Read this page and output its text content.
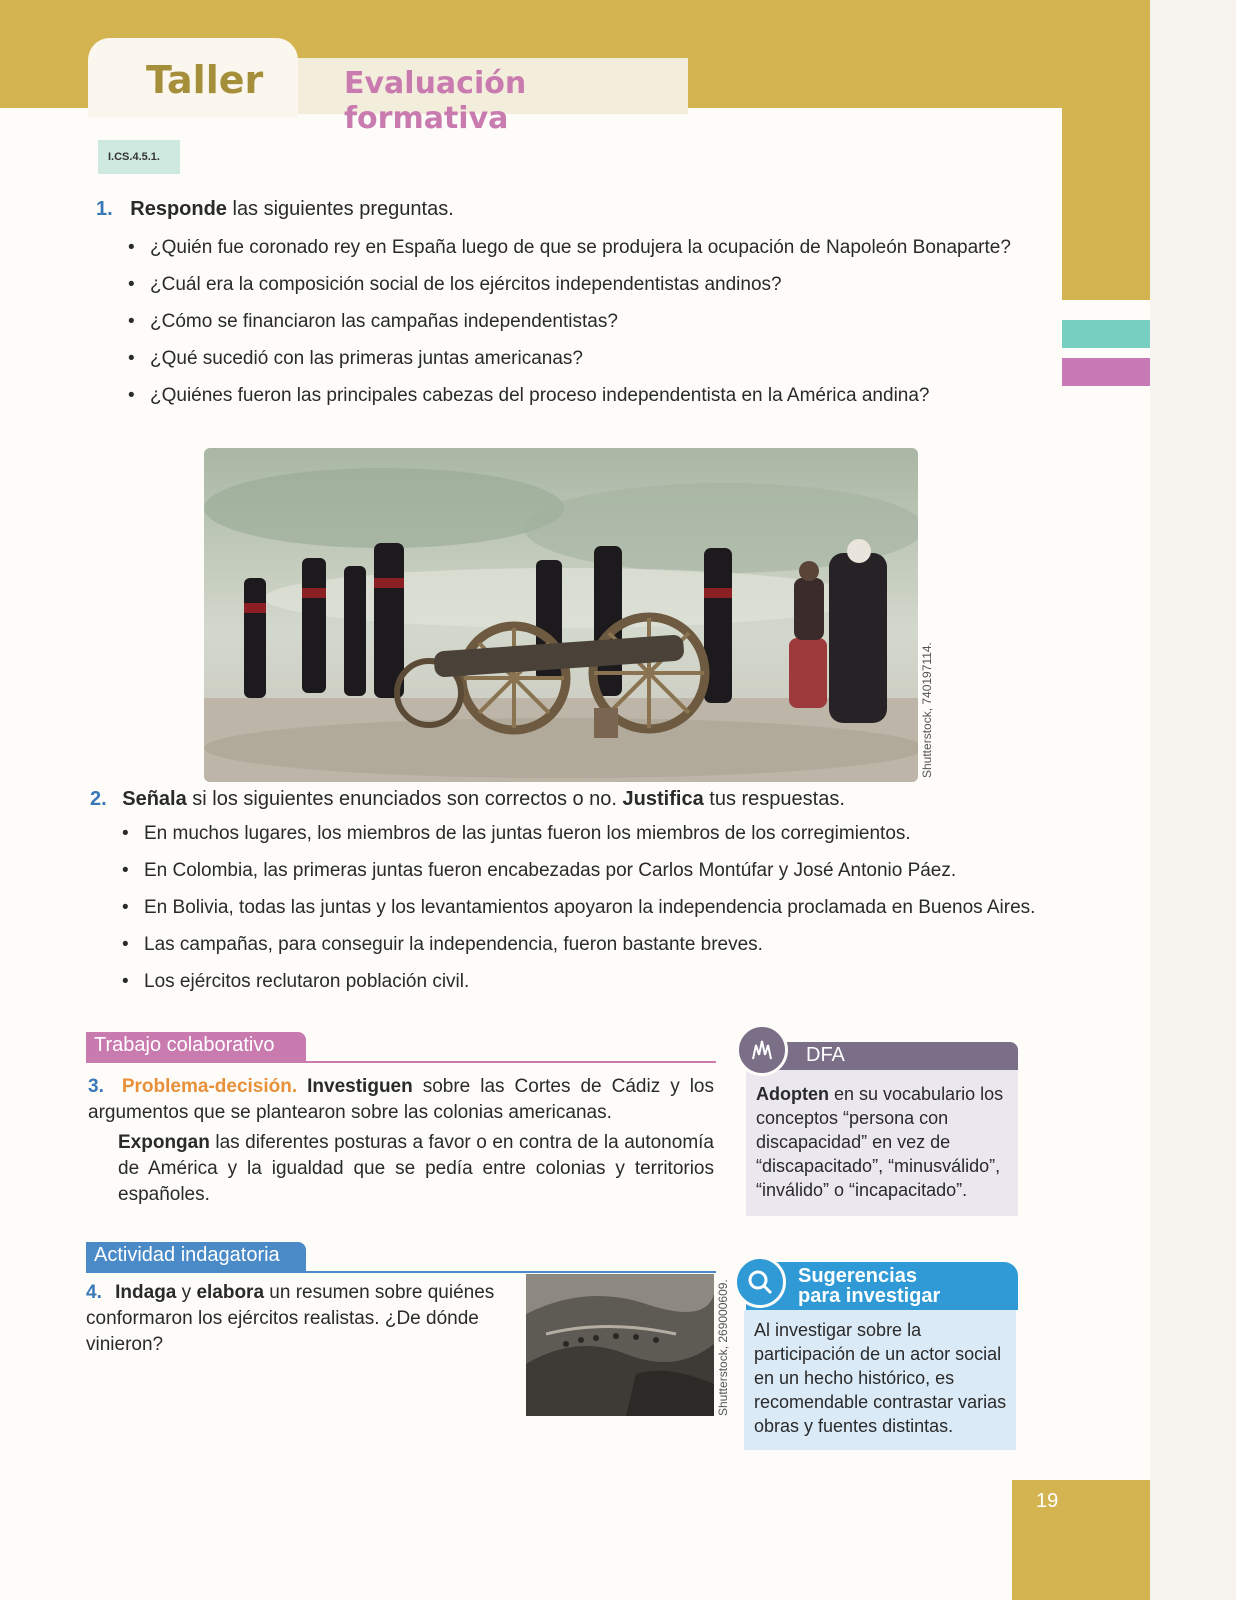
Taller	Evaluación formativa
I.CS.4.5.1.
1. Responde las siguientes preguntas.
• ¿Quién fue coronado rey en España luego de que se produjera la ocupación de Napoleón Bonaparte?
• ¿Cuál era la composición social de los ejércitos independentistas andinos?
• ¿Cómo se financiaron las campañas independentistas?
• ¿Qué sucedió con las primeras juntas americanas?
• ¿Quiénes fueron las principales cabezas del proceso independentista en la América andina?
Shutterstock, 740197114.
2. Señala si los siguientes enunciados son correctos o no. Justifica tus respuestas.
• En muchos lugares, los miembros de las juntas fueron los miembros de los corregimientos.
• En Colombia, las primeras juntas fueron encabezadas por Carlos Montúfar y José Antonio Páez.
• En Bolivia, todas las juntas y los levantamientos apoyaron la independencia proclamada en Buenos Aires.
• Las campañas, para conseguir la independencia, fueron bastante breves.
• Los ejércitos reclutaron población civil.
Trabajo colaborativo

3. Problema-decisión. Investiguen sobre las Cortes de Cádiz y los argumentos que se plantearon sobre las colonias americanas.

Expongan las diferentes posturas a favor o en contra de la autonomía de América y la igualdad que se pedía entre colonias y territorios españoles.

DFA
Adopten en su vocabulario los conceptos “persona con discapacidad” en vez de “discapacitado”, “minusválido”, “inválido” o “incapacitado”.
Actividad indagatoria
4. Indaga y elabora un resumen sobre quiénes conformaron los ejércitos realistas. ¿De dónde vinieron?	Shutterstock, 269000609.
Sugerencias
para investigar
Al investigar sobre la participación de un actor social en un hecho histórico, es recomendable contrastar varias obras y fuentes distintas.
19
